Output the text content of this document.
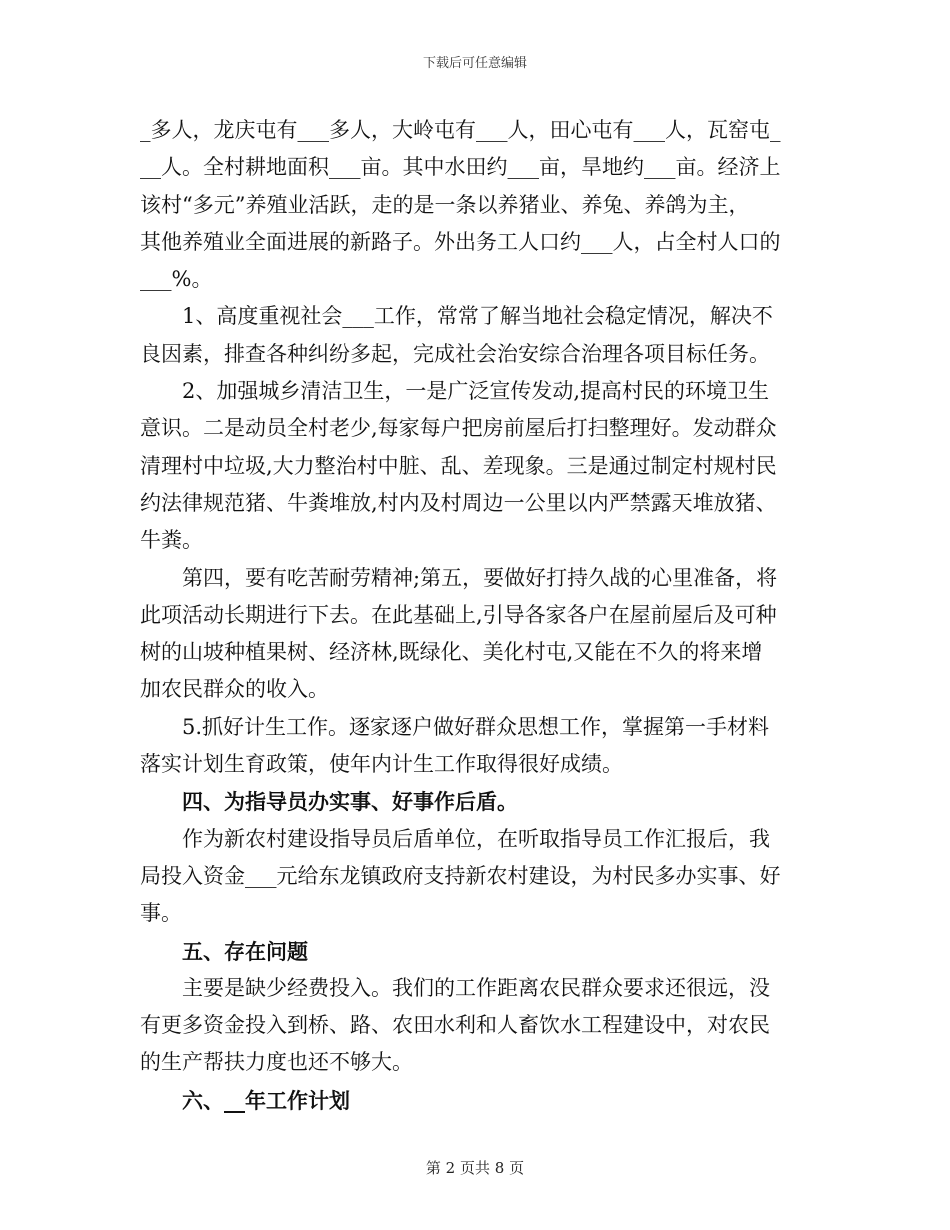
下载后可任意编辑
_多人，龙庆屯有___多人，大岭屯有___人，田心屯有___人，瓦窑屯_
__人。全村耕地面积___亩。其中水田约___亩，旱地约___亩。经济上
该村“多元”养殖业活跃，走的是一条以养猪业、养兔、养鸽为主，
其他养殖业全面进展的新路子。外出务工人口约___人，占全村人口的
___%。
　　1、高度重视社会___工作，常常了解当地社会稳定情况，解决不
良因素，排查各种纠纷多起，完成社会治安综合治理各项目标任务。
　　2、加强城乡清洁卫生，一是广泛宣传发动,提高村民的环境卫生
意识。二是动员全村老少,每家每户把房前屋后打扫整理好。发动群众
清理村中垃圾,大力整治村中脏、乱、差现象。三是通过制定村规村民
约法律规范猪、牛粪堆放,村内及村周边一公里以内严禁露天堆放猪、
牛粪。
　　第四，要有吃苦耐劳精神;第五，要做好打持久战的心里准备，将
此项活动长期进行下去。在此基础上,引导各家各户在屋前屋后及可种
树的山坡种植果树、经济林,既绿化、美化村屯,又能在不久的将来增
加农民群众的收入。
　　5.抓好计生工作。逐家逐户做好群众思想工作，掌握第一手材料
落实计划生育政策，使年内计生工作取得很好成绩。
　　四、为指导员办实事、好事作后盾。
　　作为新农村建设指导员后盾单位，在听取指导员工作汇报后，我
局投入资金___元给东龙镇政府支持新农村建设，为村民多办实事、好
事。
　　五、存在问题
　　主要是缺少经费投入。我们的工作距离农民群众要求还很远，没
有更多资金投入到桥、路、农田水利和人畜饮水工程建设中，对农民
的生产帮扶力度也还不够大。
　　六、__年工作计划
第 2 页共 8 页
